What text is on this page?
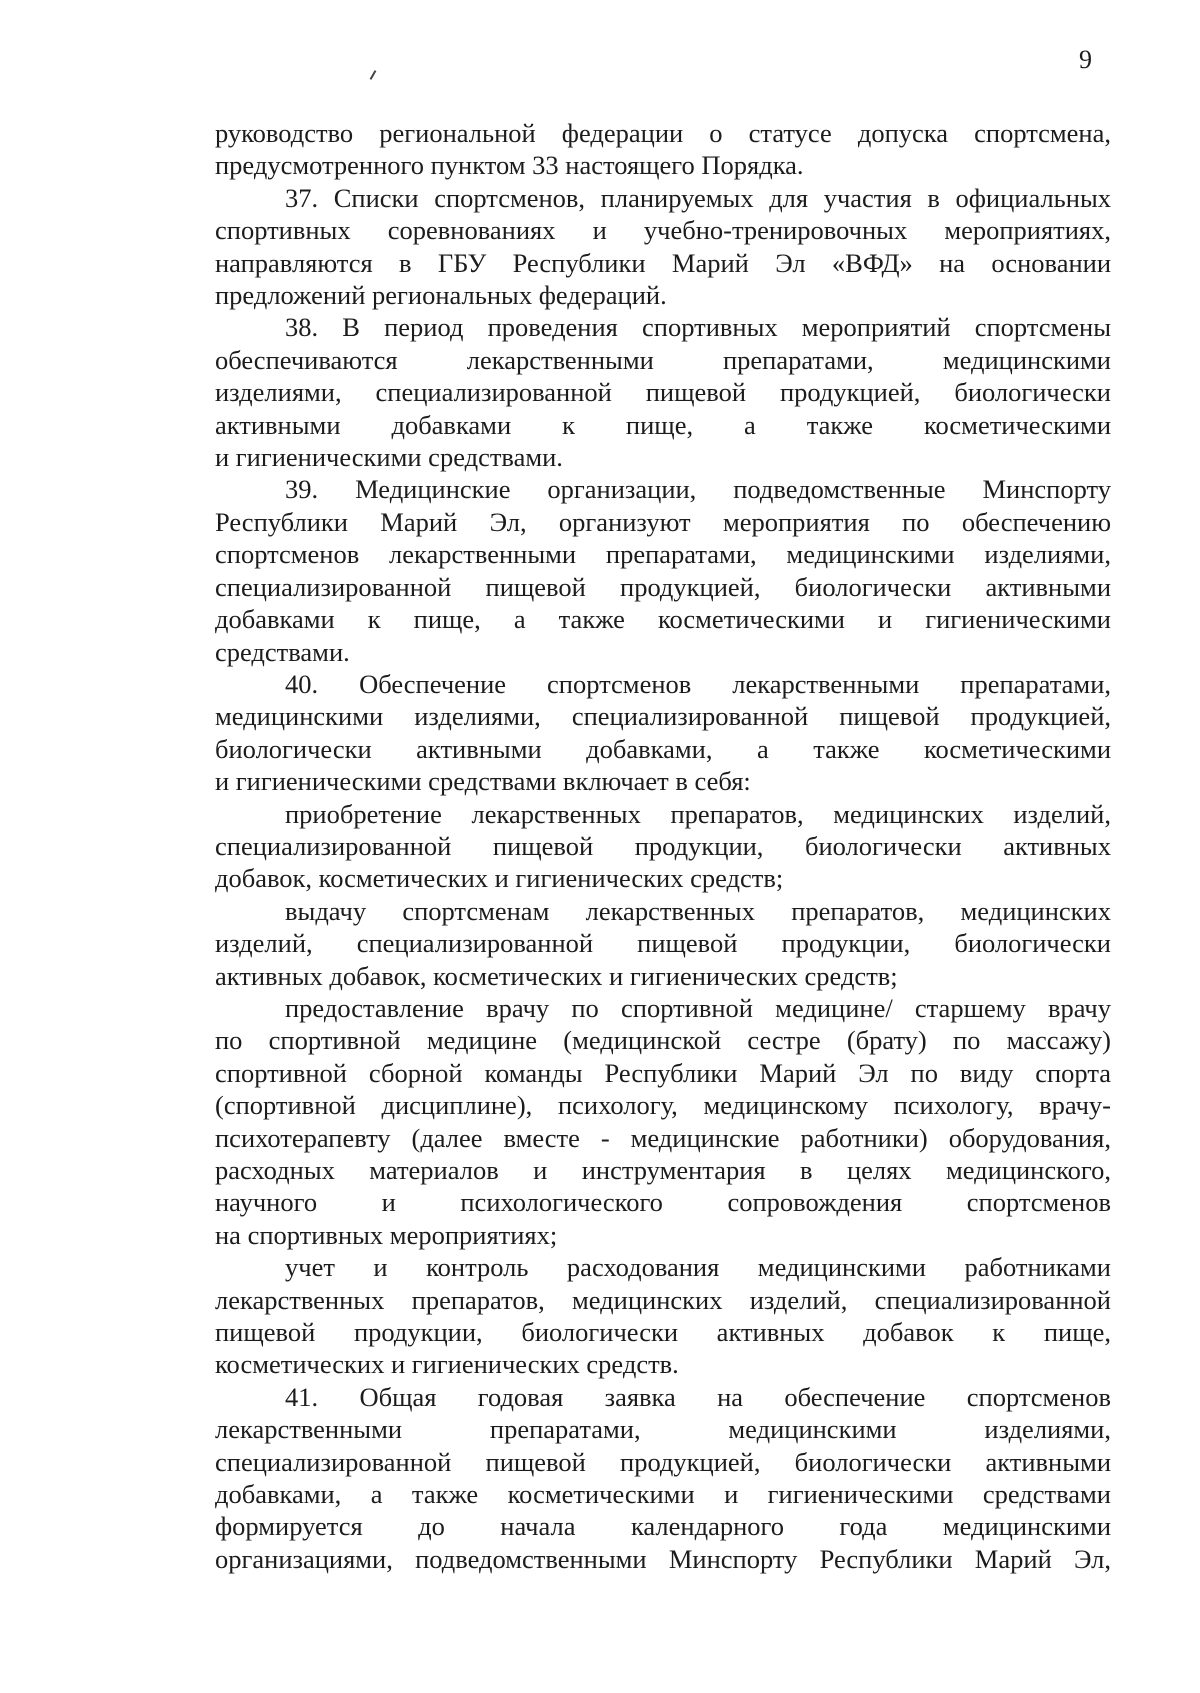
9
руководство региональной федерации о статусе допуска спортсмена,
предусмотренного пунктом 33 настоящего Порядка.
37. Списки спортсменов, планируемых для участия в официальных
спортивных соревнованиях и учебно-тренировочных мероприятиях,
направляются в ГБУ Республики Марий Эл «ВФД» на основании
предложений региональных федераций.
38. В период проведения спортивных мероприятий спортсмены
обеспечиваются лекарственными препаратами, медицинскими
изделиями, специализированной пищевой продукцией, биологически
активными добавками к пище, а также косметическими
и гигиеническими средствами.
39. Медицинские организации, подведомственные Минспорту
Республики Марий Эл, организуют мероприятия по обеспечению
спортсменов лекарственными препаратами, медицинскими изделиями,
специализированной пищевой продукцией, биологически активными
добавками к пище, а также косметическими и гигиеническими
средствами.
40. Обеспечение спортсменов лекарственными препаратами,
медицинскими изделиями, специализированной пищевой продукцией,
биологически активными добавками, а также косметическими
и гигиеническими средствами включает в себя:
приобретение лекарственных препаратов, медицинских изделий,
специализированной пищевой продукции, биологически активных
добавок, косметических и гигиенических средств;
выдачу спортсменам лекарственных препаратов, медицинских
изделий, специализированной пищевой продукции, биологически
активных добавок, косметических и гигиенических средств;
предоставление врачу по спортивной медицине/ старшему врачу
по спортивной медицине (медицинской сестре (брату) по массажу)
спортивной сборной команды Республики Марий Эл по виду спорта
(спортивной дисциплине), психологу, медицинскому психологу, врачу-
психотерапевту (далее вместе - медицинские работники) оборудования,
расходных материалов и инструментария в целях медицинского,
научного и психологического сопровождения спортсменов
на спортивных мероприятиях;
учет и контроль расходования медицинскими работниками
лекарственных препаратов, медицинских изделий, специализированной
пищевой продукции, биологически активных добавок к пище,
косметических и гигиенических средств.
41. Общая годовая заявка на обеспечение спортсменов
лекарственными препаратами, медицинскими изделиями,
специализированной пищевой продукцией, биологически активными
добавками, а также косметическими и гигиеническими средствами
формируется до начала календарного года медицинскими
организациями, подведомственными Минспорту Республики Марий Эл,
